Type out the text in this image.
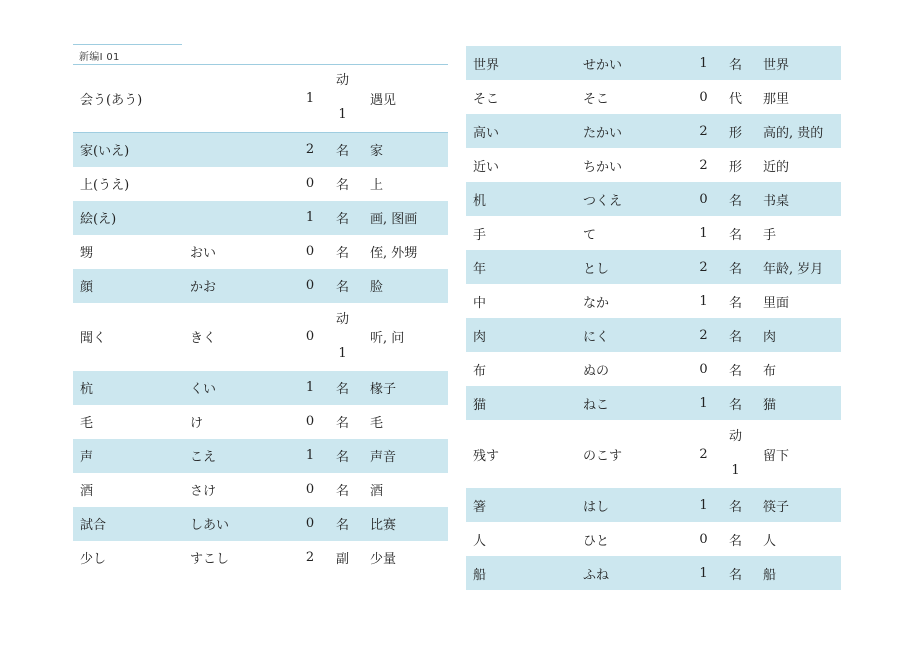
新编I 01
会う(あう)		1	动1	遇见
家(いえ)		2	名	家
上(うえ)		0	名	上
絵(え)		1	名	画, 图画
甥	おい	0	名	侄, 外甥
顔	かお	0	名	脸
聞く	きく	0	动1	听, 问
杭	くい	1	名	椽子
毛	け	0	名	毛
声	こえ	1	名	声音
酒	さけ	0	名	酒
試合	しあい	0	名	比赛
少し	すこし	2	副	少量
世界	せかい	1	名	世界
そこ	そこ	0	代	那里
高い	たかい	2	形	高的, 贵的
近い	ちかい	2	形	近的
机	つくえ	0	名	书桌
手	て	1	名	手
年	とし	2	名	年龄, 岁月
中	なか	1	名	里面
肉	にく	2	名	肉
布	ぬの	0	名	布
猫	ねこ	1	名	猫
残す	のこす	2	动1	留下
箸	はし	1	名	筷子
人	ひと	0	名	人
船	ふね	1	名	船
